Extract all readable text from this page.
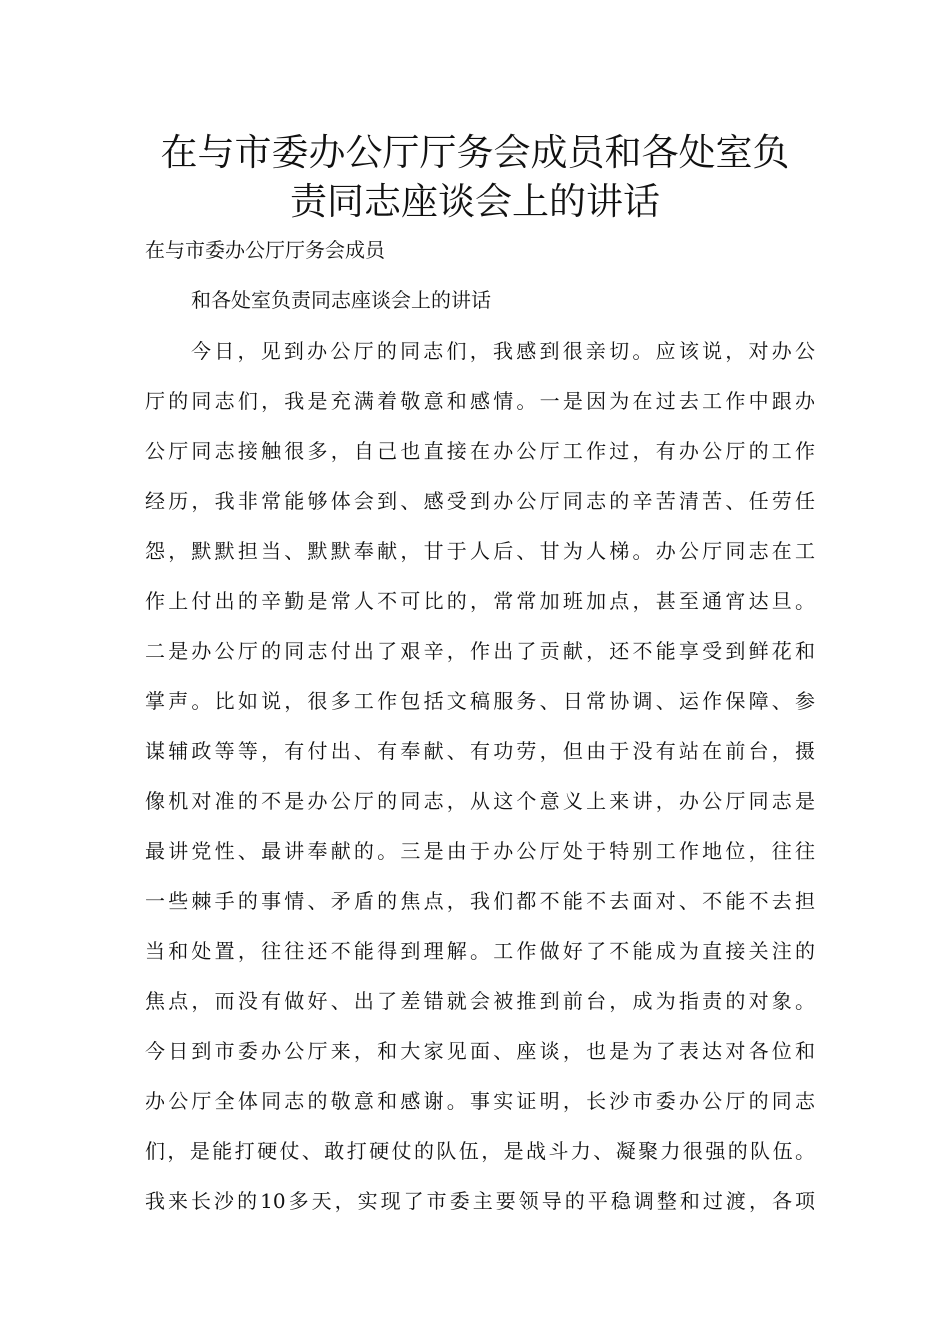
在与市委办公厅厅务会成员和各处室负
责同志座谈会上的讲话

在与市委办公厅厅务会成员

和各处室负责同志座谈会上的讲话

今日，见到办公厅的同志们，我感到很亲切。应该说，对办公
厅的同志们，我是充满着敬意和感情。一是因为在过去工作中跟办
公厅同志接触很多，自己也直接在办公厅工作过，有办公厅的工作
经历，我非常能够体会到、感受到办公厅同志的辛苦清苦、任劳任
怨，默默担当、默默奉献，甘于人后、甘为人梯。办公厅同志在工
作上付出的辛勤是常人不可比的，常常加班加点，甚至通宵达旦。
二是办公厅的同志付出了艰辛，作出了贡献，还不能享受到鲜花和
掌声。比如说，很多工作包括文稿服务、日常协调、运作保障、参
谋辅政等等，有付出、有奉献、有功劳，但由于没有站在前台，摄
像机对准的不是办公厅的同志，从这个意义上来讲，办公厅同志是
最讲党性、最讲奉献的。三是由于办公厅处于特别工作地位，往往
一些棘手的事情、矛盾的焦点，我们都不能不去面对、不能不去担
当和处置，往往还不能得到理解。工作做好了不能成为直接关注的
焦点，而没有做好、出了差错就会被推到前台，成为指责的对象。
今日到市委办公厅来，和大家见面、座谈，也是为了表达对各位和
办公厅全体同志的敬意和感谢。事实证明，长沙市委办公厅的同志
们，是能打硬仗、敢打硬仗的队伍，是战斗力、凝聚力很强的队伍。
我来长沙的10多天，实现了市委主要领导的平稳调整和过渡，各项
